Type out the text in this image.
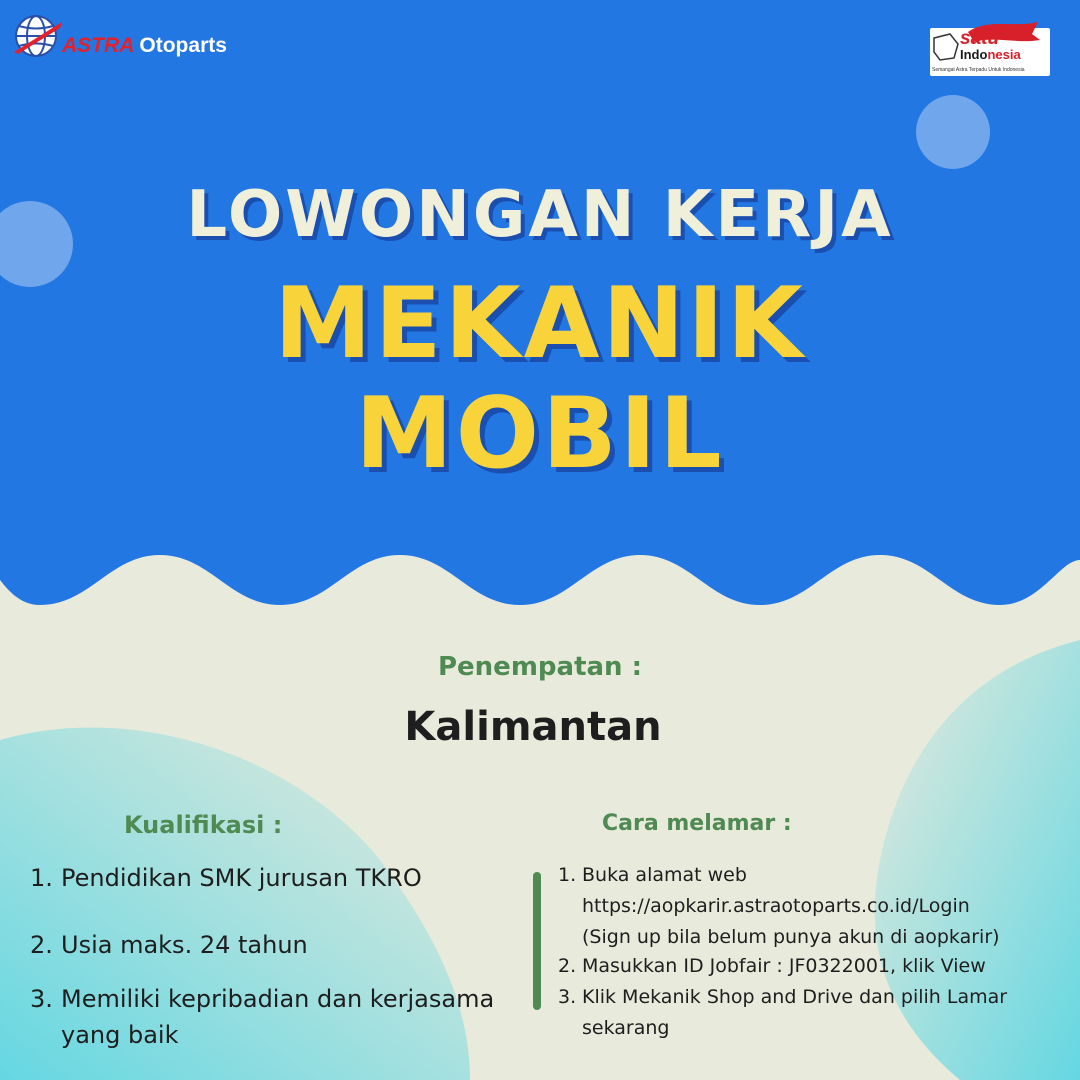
ASTRA Otoparts	satu
Indonesia
Semangat Astra Terpadu Untuk Indonesia
LOWONGAN KERJA
MEKANIK
MOBIL
Penempatan :
Kalimantan
Kualifikasi :
1. Pendidikan SMK jurusan TKRO
2. Usia maks. 24 tahun
3. Memiliki kepribadian dan kerjasama yang baik
Cara melamar :
1. Buka alamat web
https://aopkarir.astraotoparts.co.id/Login
(Sign up bila belum punya akun di aopkarir)
2. Masukkan ID Jobfair : JF0322001, klik View
3. Klik Mekanik Shop and Drive dan pilih Lamar sekarang
